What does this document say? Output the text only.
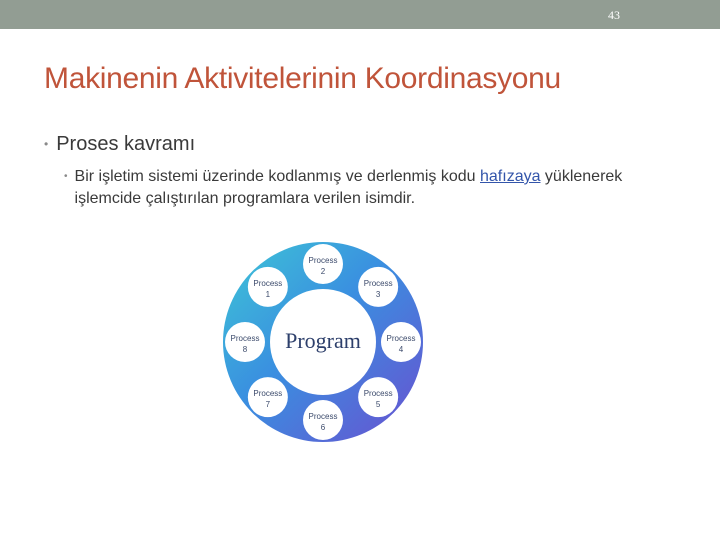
43
Makinenin Aktivitelerinin Koordinasyonu
• Proses kavramı
• Bir işletim sistemi üzerinde kodlanmış ve derlenmiş kodu hafızaya yüklenerek işlemcide çalıştırılan programlara verilen isimdir.
Program
Process
2
Process
3
Process
4
Process
5
Process
6
Process
7
Process
8
Process
1
